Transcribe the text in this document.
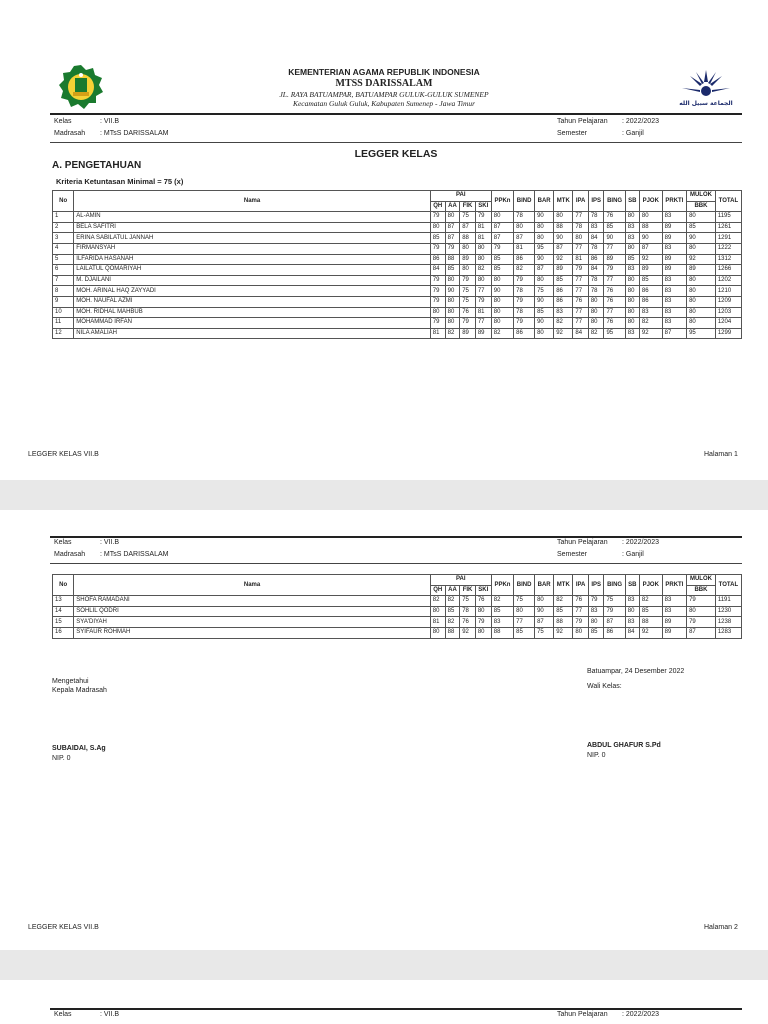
KEMENTERIAN AGAMA REPUBLIK INDONESIA
MTSS DARISSALAM
JL. RAYA BATUAMPAR, BATUAMPAR GULUK-GULUK SUMENEP
Kecamatan Guluk Guluk, Kabupaten Sumenep - Jawa Timur	الجماعة سبيل الله
Kelas	: VII.B
Madrasah : MTsS DARISSALAM
Tahun Pelajaran : 2022/2023
Semester	: Ganjil
LEGGER KELAS
A. PENGETAHUAN
Kriteria Ketuntasan Minimal = 75 (x)
No	Nama	PAI				PPKn	BIND	BAR	MTK	IPA	IPS	BING	SB	PJOK	PRKTI	MULOK	TOTAL
		QH	AA	FIK	SKI											BBK	
1	AL-AMIN	79	80	75	79	80	78	90	80	77	78	76	80	80	83	80	1195
2	BELA SAFITRI	80	87	87	81	87	80	80	88	78	83	85	83	88	89	85	1261
3	ERINA SABILATUL JANNAH	85	87	88	81	87	87	80	90	80	84	90	83	90	89	90	1291
4	FIRMANSYAH	79	79	80	80	79	81	95	87	77	78	77	80	87	83	80	1222
5	ILFARIDA HASANAH	86	88	89	80	85	86	90	92	81	86	89	85	92	89	92	1312
6	LAILATUL QOMARIYAH	84	85	80	82	85	82	87	89	79	84	79	83	89	89	89	1266
7	M. DJAILANI	79	80	79	80	80	79	80	85	77	78	77	80	85	83	80	1202
8	MOH. ARINAL HAQ ZAYYADI	79	90	75	77	90	78	75	86	77	78	76	80	86	83	80	1210
9	MOH. NAUFAL AZMI	79	80	75	79	80	79	90	86	76	80	76	80	86	83	80	1209
10	MOH. RIDHAL MAHBUB	80	80	76	81	80	78	85	83	77	80	77	80	83	83	80	1203
11	MOHAMMAD IRFAN	79	80	79	77	80	79	90	82	77	80	76	80	82	83	80	1204
12	NILA AMALIAH	81	82	89	89	82	86	80	92	84	82	95	83	92	87	95	1299
LEGGER KELAS VII.B	Halaman 1
Kelas	: VII.B
Madrasah : MTsS DARISSALAM
Tahun Pelajaran : 2022/2023
Semester	: Ganjil
No	Nama	PAI				PPKn	BIND	BAR	MTK	IPA	IPS	BING	SB	PJOK	PRKTI	MULOK	TOTAL
		QH	AA	FIK	SKI											BBK	
13	SHOFA RAMADANI	82	82	75	76	82	75	80	82	76	79	75	83	82	83	79	1191
14	SOHLIL QODRI	80	85	78	80	85	80	90	85	77	83	79	80	85	83	80	1230
15	SYA'DIYAH	81	82	76	79	83	77	87	88	79	80	87	83	88	89	79	1238
16	SYIFAUR ROHMAH	80	88	92	80	88	85	75	92	80	85	86	84	92	89	87	1283
Batuampar, 24 Desember 2022
Mengetahui
Kepala Madrasah
Wali Kelas:
SUBAIDAI, S.Ag
NIP. 0
ABDUL GHAFUR S.Pd
NIP. 0
LEGGER KELAS VII.B	Halaman 2
Kelas	: VII.B	Tahun Pelajaran : 2022/2023
